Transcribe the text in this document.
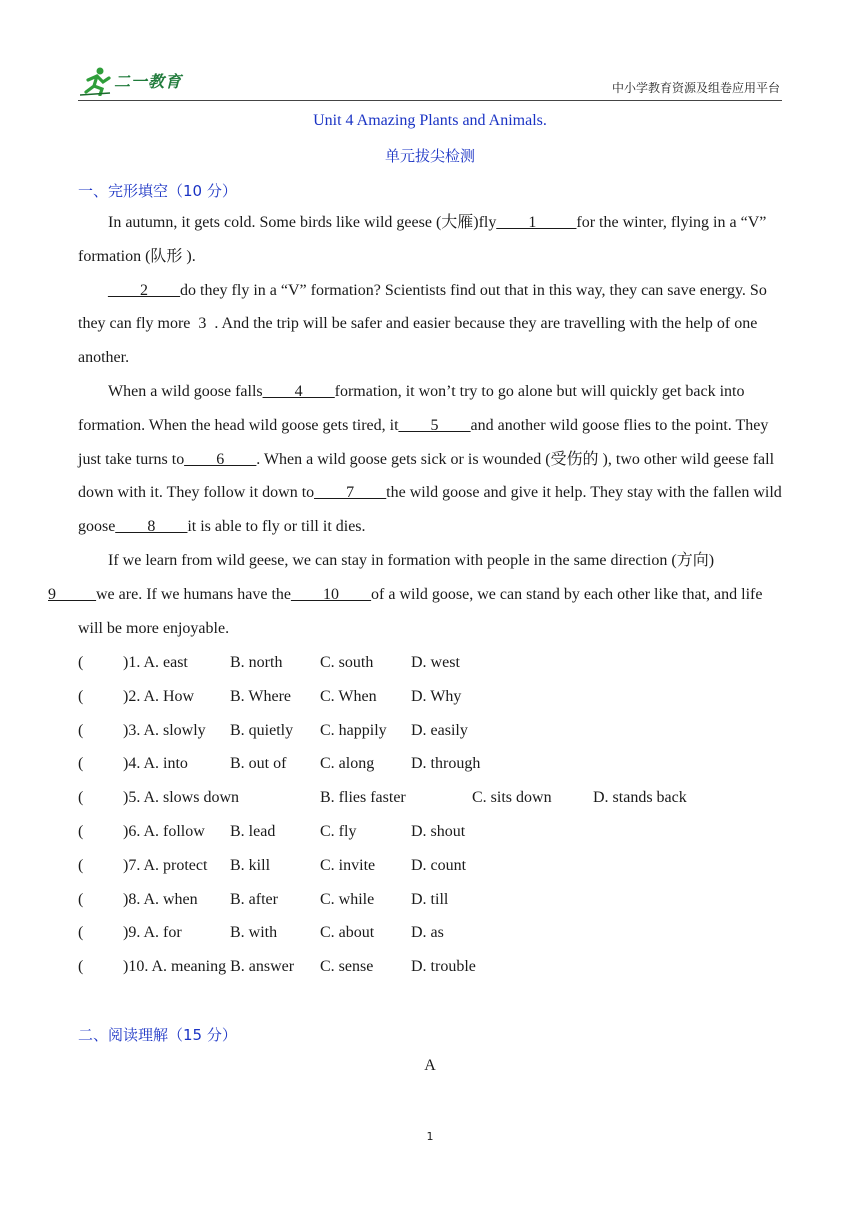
二一教育	中小学教育资源及组卷应用平台
Unit 4 Amazing Plants and Animals.
单元拔尖检测
一、完形填空（10 分）

In autumn, it gets cold. Some birds like wild geese (大雁)fly____1_____for the winter, flying in a “V” formation (队形 ).

____2____do they fly in a “V” formation? Scientists find out that in this way, they can save energy. So they can fly more  3  . And the trip will be safer and easier because they are travelling with the help of one another.

When a wild goose falls____4____formation, it won’t try to go alone but will quickly get back into formation. When the head wild goose gets tired, it____5____and another wild goose flies to the point. They just take turns to____6____. When a wild goose gets sick or is wounded (受伤的 ), two other wild geese fall down with it. They follow it down to____7____the wild goose and give it help. They stay with the fallen wild goose____8____it is able to fly or till it dies.

If we learn from wild geese, we can stay in formation with people in the same direction (方向)
9_____we are. If we humans have the____10____of a wild goose, we can stand by each other like that, and life will be more enjoyable.

( )1. A. east	B. north C. south D. west
( )2. A. How B. Where C. When D. Why
( )3. A. slowly B. quietly C. happily D. easily
( )4. A. into	B. out of C. along D. through
( )5. A. slows down	B. flies faster	C. sits down	D. stands back
( )6. A. follow B. lead	C. fly	D. shout
( )7. A. protect B. kill	C. invite D. count
( )8. A. when B. after	C. while D. till
( )9. A. for	B. with	C. about D. as
( )10. A. meaning B. answer C. sense D. trouble
二、阅读理解（15 分）
A
1
